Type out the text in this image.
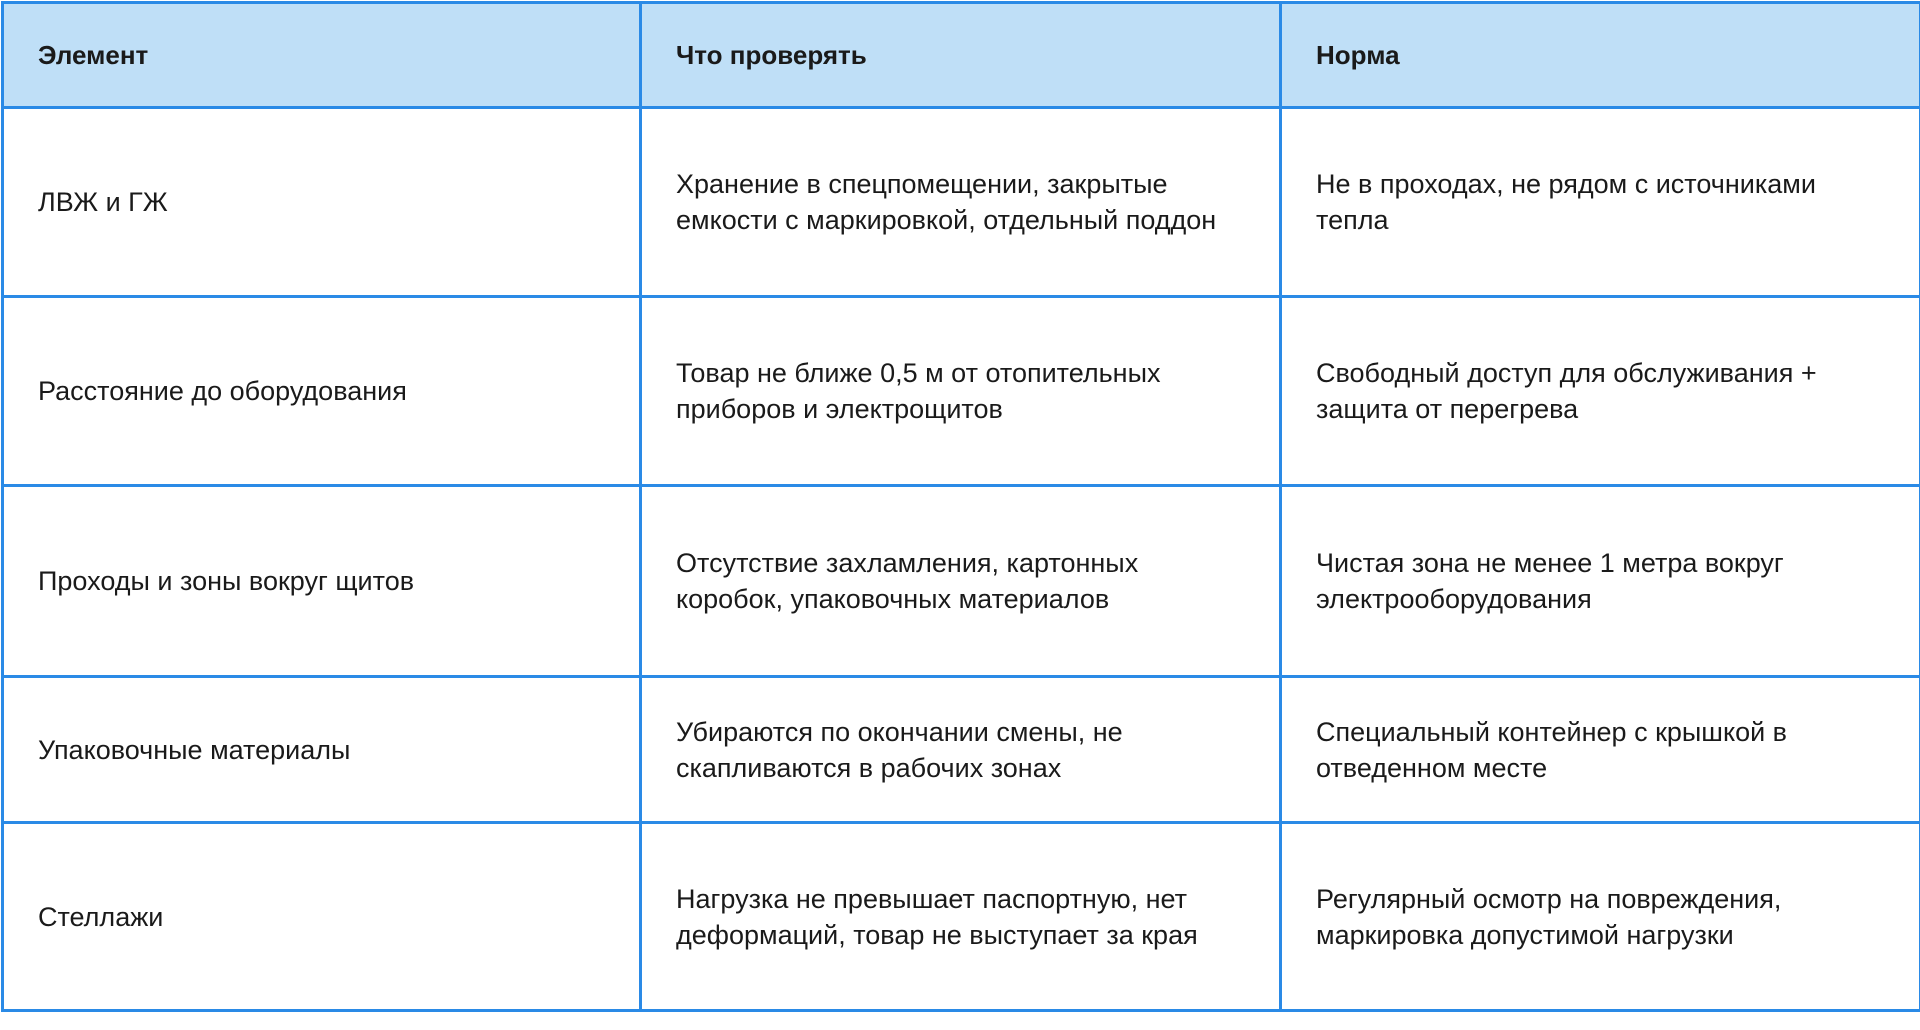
Элемент	Что проверять	Норма
ЛВЖ и ГЖ	Хранение в спецпомещении, закрытые емкости с маркировкой, отдельный поддон	Не в проходах, не рядом с источниками тепла
Расстояние до оборудования	Товар не ближе 0,5 м от отопительных приборов и электрощитов	Свободный доступ для обслуживания + защита от перегрева
Проходы и зоны вокруг щитов	Отсутствие захламления, картонных коробок, упаковочных материалов	Чистая зона не менее 1 метра вокруг электрооборудования
Упаковочные материалы	Убираются по окончании смены, не скапливаются в рабочих зонах	Специальный контейнер с крышкой в отведенном месте
Стеллажи	Нагрузка не превышает паспортную, нет деформаций, товар не выступает за края	Регулярный осмотр на повреждения, маркировка допустимой нагрузки
